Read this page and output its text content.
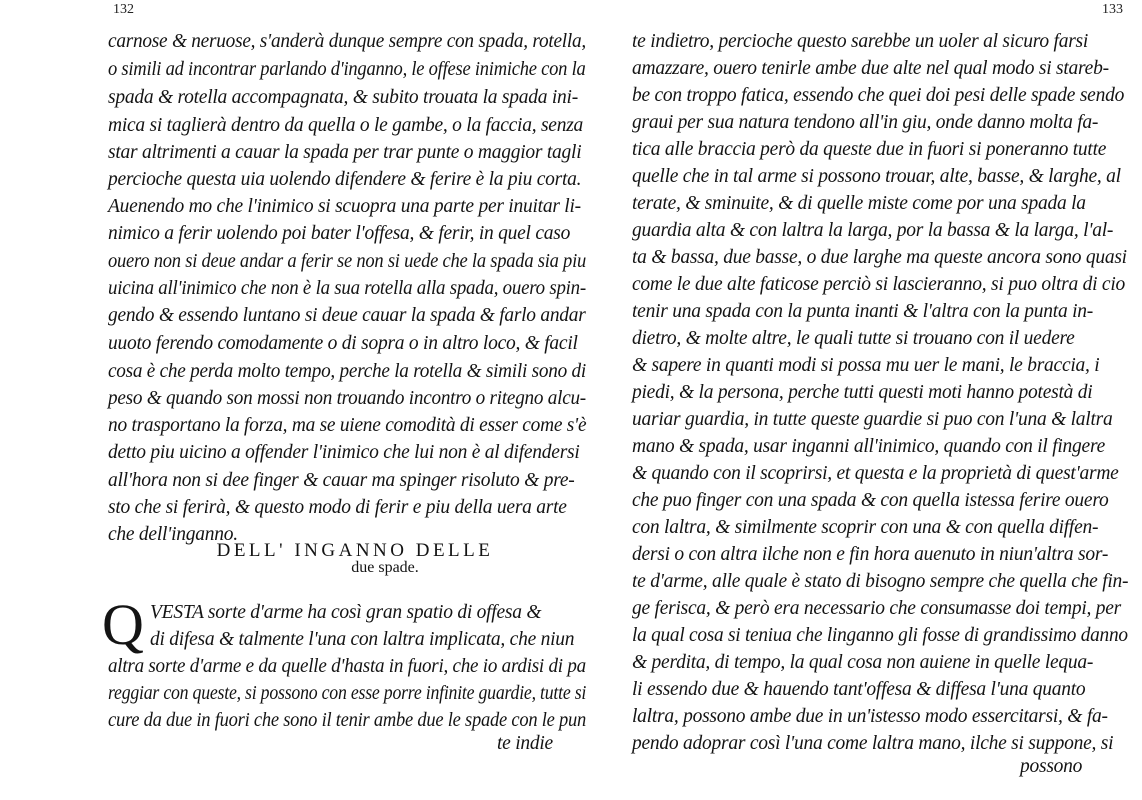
132
carnose & neruose, s'anderà dunque sempre con spada, rotella,
o simili ad incontrar parlando d'inganno, le offese inimiche con la
spada & rotella accompagnata, & subito trouata la spada ini-
mica si taglierà dentro da quella o le gambe, o la faccia, senza
star altrimenti a cauar la spada per trar punte o maggior tagli
percioche questa uia uolendo difendere & ferire è la piu corta.
Auenendo mo che l'inimico si scuopra una parte per inuitar li-
nimico a ferir uolendo poi bater l'offesa, & ferir, in quel caso
ouero non si deue andar a ferir se non si uede che la spada sia piu
uicina all'inimico che non è la sua rotella alla spada, ouero spin-
gendo & essendo luntano si deue cauar la spada & farlo andar
uuoto ferendo comodamente o di sopra o in altro loco, & facil
cosa è che perda molto tempo, perche la rotella & simili sono di
peso & quando son mossi non trouando incontro o ritegno alcu-
no trasportano la forza, ma se uiene comodità di esser come s'è
detto piu uicino a offender l'inimico che lui non è al difendersi
all'hora non si dee finger & cauar ma spinger risoluto & pre-
sto che si ferirà, & questo modo di ferir e piu della uera arte
che dell'inganno.
DELL' INGANNO DELLE
due spade.
Q VESTA sorte d'arme ha così gran spatio di offesa &
di difesa & talmente l'una con laltra implicata, che niun
altra sorte d'arme e da quelle d'hasta in fuori, che io ardisi di pa
reggiar con queste, si possono con esse porre infinite guardie, tutte si
cure da due in fuori che sono il tenir ambe due le spade con le pun
te indie
133
te indietro, percioche questo sarebbe un uoler al sicuro farsi
amazzare, ouero tenirle ambe due alte nel qual modo si stareb-
be con troppo fatica, essendo che quei doi pesi delle spade sendo
graui per sua natura tendono all'in giu, onde danno molta fa-
tica alle braccia però da queste due in fuori si poneranno tutte
quelle che in tal arme si possono trouar, alte, basse, & larghe, al
terate, & sminuite, & di quelle miste come por una spada la
guardia alta & con laltra la larga, por la bassa & la larga, l'al-
ta & bassa, due basse, o due larghe ma queste ancora sono quasi
come le due alte faticose perciò si lascieranno, si puo oltra di cio
tenir una spada con la punta inanti & l'altra con la punta in-
dietro, & molte altre, le quali tutte si trouano con il uedere
& sapere in quanti modi si possa mu uer le mani, le braccia, i
piedi, & la persona, perche tutti questi moti hanno potestà di
uariar guardia, in tutte queste guardie si puo con l'una & laltra
mano & spada, usar inganni all'inimico, quando con il fingere
& quando con il scoprirsi, et questa e la proprietà di quest'arme
che puo finger con una spada & con quella istessa ferire ouero
con laltra, & similmente scoprir con una & con quella diffen-
dersi o con altra ilche non e fin hora auenuto in niun'altra sor-
te d'arme, alle quale è stato di bisogno sempre che quella che fin-
ge ferisca, & però era necessario che consumasse doi tempi, per
la qual cosa si teniua che linganno gli fosse di grandissimo danno
& perdita, di tempo, la qual cosa non auiene in quelle lequa-
li essendo due & hauendo tant'offesa & diffesa l'una quanto
laltra, possono ambe due in un'istesso modo essercitarsi, & fa-
pendo adoprar così l'una come laltra mano, ilche si suppone, si
possono
